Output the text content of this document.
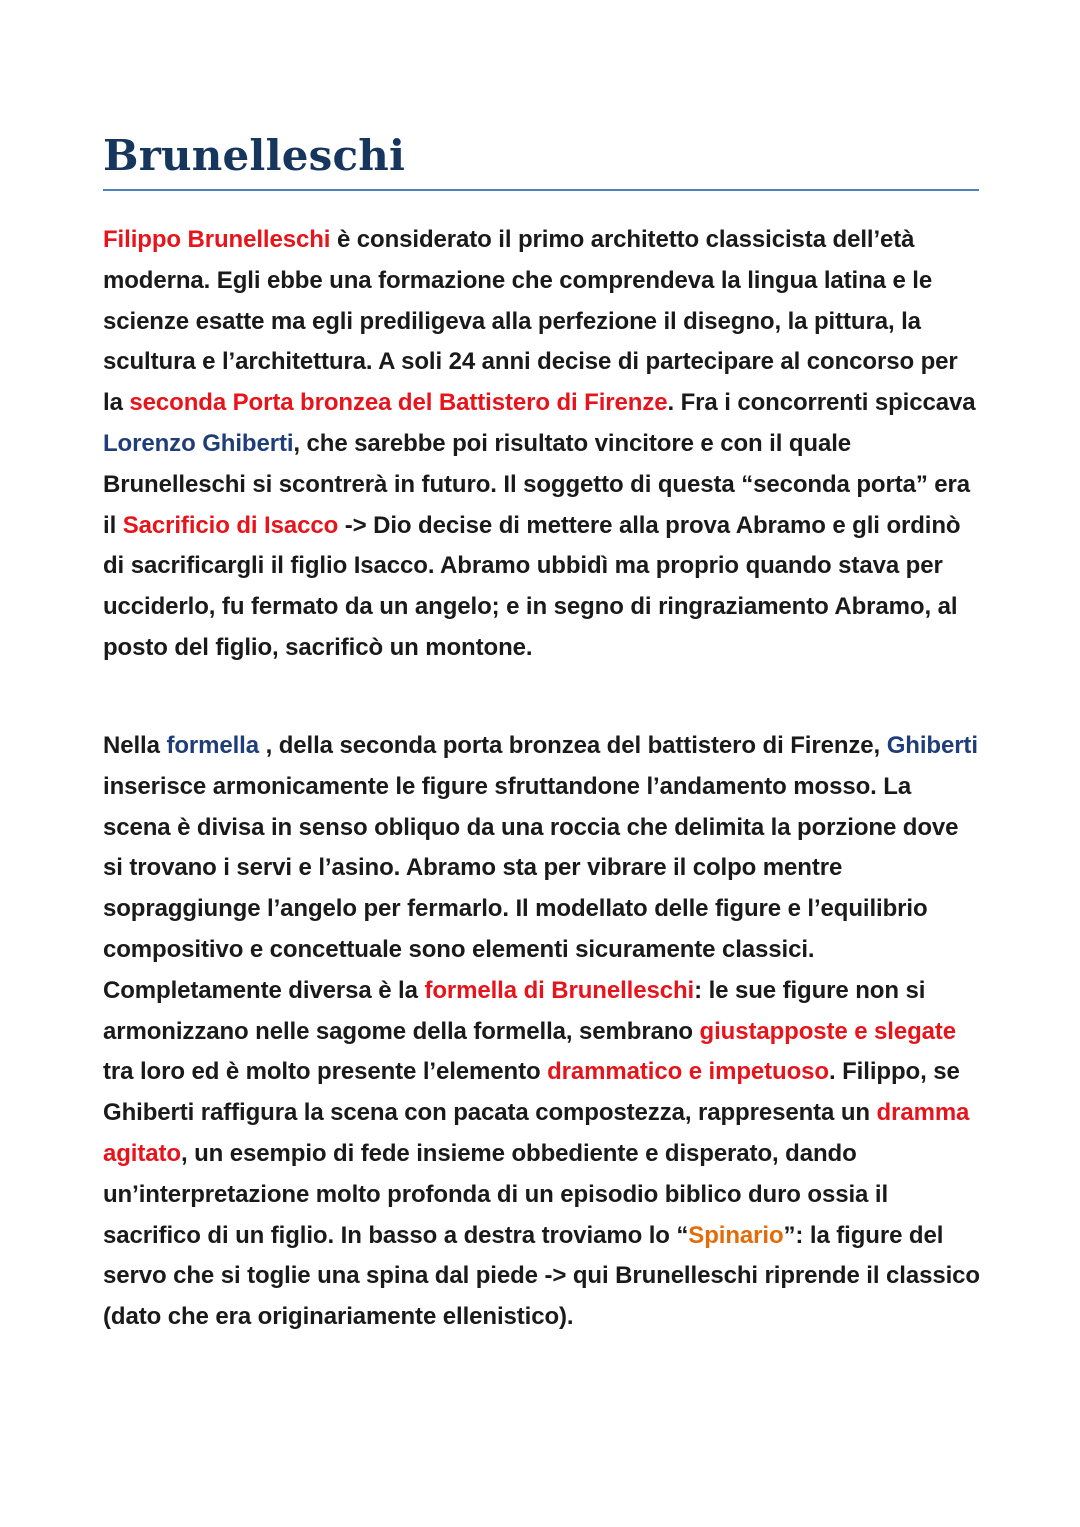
Brunelleschi

Filippo Brunelleschi è considerato il primo architetto classicista dell’età moderna. Egli ebbe una formazione che comprendeva la lingua latina e le scienze esatte ma egli prediligeva alla perfezione il disegno, la pittura, la scultura e l’architettura. A soli 24 anni decise di partecipare al concorso per la seconda Porta bronzea del Battistero di Firenze. Fra i concorrenti spiccava Lorenzo Ghiberti, che sarebbe poi risultato vincitore e con il quale Brunelleschi si scontrerà in futuro. Il soggetto di questa “seconda porta” era il Sacrificio di Isacco -> Dio decise di mettere alla prova Abramo e gli ordinò di sacrificargli il figlio Isacco. Abramo ubbidì ma proprio quando stava per ucciderlo, fu fermato da un angelo; e in segno di ringraziamento Abramo, al posto del figlio, sacrificò un montone.

Nella formella , della seconda porta bronzea del battistero di Firenze, Ghiberti inserisce armonicamente le figure sfruttandone l’andamento mosso. La scena è divisa in senso obliquo da una roccia che delimita la porzione dove si trovano i servi e l’asino. Abramo sta per vibrare il colpo mentre sopraggiunge l’angelo per fermarlo. Il modellato delle figure e l’equilibrio compositivo e concettuale sono elementi sicuramente classici. Completamente diversa è la formella di Brunelleschi: le sue figure non si armonizzano nelle sagome della formella, sembrano giustapposte e slegate tra loro ed è molto presente l’elemento drammatico e impetuoso. Filippo, se Ghiberti raffigura la scena con pacata compostezza, rappresenta un dramma agitato, un esempio di fede insieme obbediente e disperato, dando un’interpretazione molto profonda di un episodio biblico duro ossia il sacrifico di un figlio. In basso a destra troviamo lo “Spinario”: la figure del servo che si toglie una spina dal piede -> qui Brunelleschi riprende il classico (dato che era originariamente ellenistico).
